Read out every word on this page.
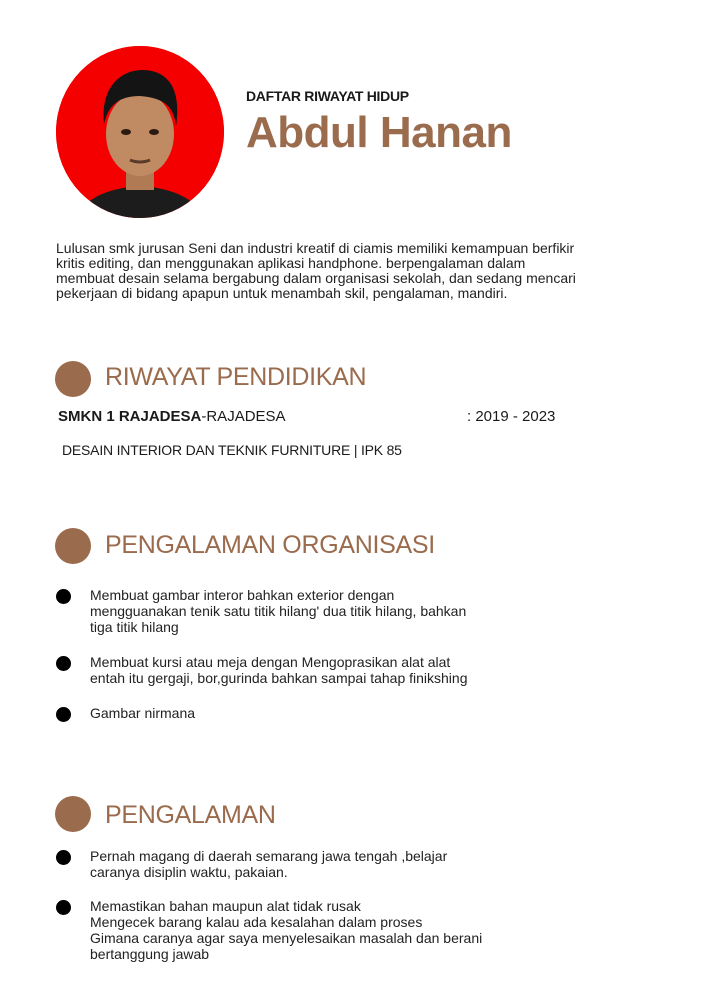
DAFTAR RIWAYAT HIDUP
Abdul Hanan
Lulusan smk jurusan Seni dan industri kreatif di ciamis memiliki kemampuan berfikir
kritis editing, dan menggunakan aplikasi handphone. berpengalaman dalam
membuat desain selama bergabung dalam organisasi sekolah, dan sedang mencari
pekerjaan di bidang apapun untuk menambah skil, pengalaman, mandiri.
RIWAYAT PENDIDIKAN
SMKN 1 RAJADESA-RAJADESA	: 2019 - 2023
DESAIN INTERIOR DAN TEKNIK FURNITURE | IPK 85
PENGALAMAN ORGANISASI
Membuat gambar interor bahkan exterior dengan
mengguanakan tenik satu titik hilang' dua titik hilang, bahkan
tiga titik hilang
Membuat kursi atau meja dengan Mengoprasikan alat alat
entah itu gergaji, bor,gurinda bahkan sampai tahap finikshing
Gambar nirmana
PENGALAMAN
Pernah magang di daerah semarang jawa tengah ,belajar
caranya disiplin waktu, pakaian.
Memastikan bahan maupun alat tidak rusak
Mengecek barang kalau ada kesalahan dalam proses
Gimana caranya agar saya menyelesaikan masalah dan berani
bertanggung jawab
